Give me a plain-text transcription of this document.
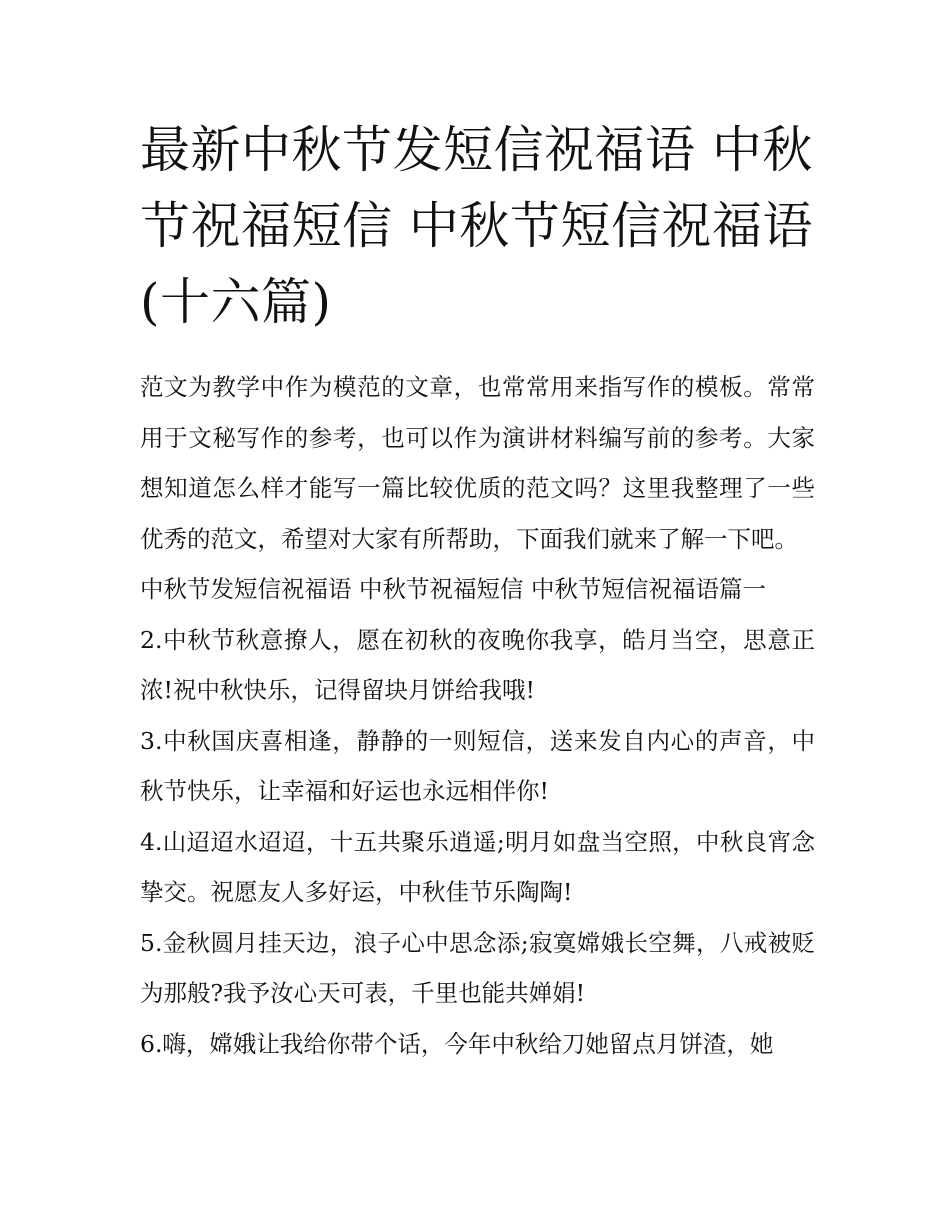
最新中秋节发短信祝福语 中秋节祝福短信 中秋节短信祝福语(十六篇)

范文为教学中作为模范的文章，也常常用来指写作的模板。常常用于文秘写作的参考，也可以作为演讲材料编写前的参考。大家想知道怎么样才能写一篇比较优质的范文吗？这里我整理了一些优秀的范文，希望对大家有所帮助，下面我们就来了解一下吧。

中秋节发短信祝福语 中秋节祝福短信 中秋节短信祝福语篇一

2.中秋节秋意撩人，愿在初秋的夜晚你我享，皓月当空，思意正浓!祝中秋快乐，记得留块月饼给我哦!

3.中秋国庆喜相逢，静静的一则短信，送来发自内心的声音，中秋节快乐，让幸福和好运也永远相伴你!

4.山迢迢水迢迢，十五共聚乐逍遥;明月如盘当空照，中秋良宵念挚交。祝愿友人多好运，中秋佳节乐陶陶!

5.金秋圆月挂天边，浪子心中思念添;寂寞嫦娥长空舞，八戒被贬为那般?我予汝心天可表，千里也能共婵娟!

6.嗨，嫦娥让我给你带个话，今年中秋给刀她留点月饼渣，她
